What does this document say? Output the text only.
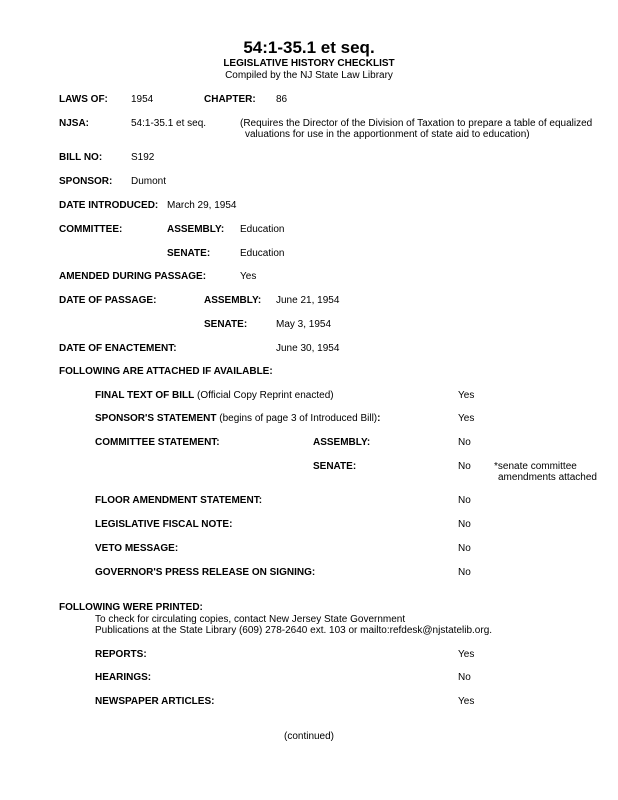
54:1-35.1 et seq.
LEGISLATIVE HISTORY CHECKLIST
Compiled by the NJ State Law Library
LAWS OF: 1954	CHAPTER: 86
NJSA:	54:1-35.1 et seq.	(Requires the Director of the Division of Taxation to prepare a table of equalized
valuations for use in the apportionment of state aid to education)
BILL NO:	S192
SPONSOR: Dumont
DATE INTRODUCED: March 29, 1954
COMMITTEE:	ASSEMBLY: Education
SENATE:	Education
AMENDED DURING PASSAGE:	Yes
DATE OF PASSAGE:	ASSEMBLY: June 21, 1954
SENATE:	May 3, 1954
DATE OF ENACTEMENT:	June 30, 1954
FOLLOWING ARE ATTACHED IF AVAILABLE:
FINAL TEXT OF BILL (Official Copy Reprint enacted)	Yes
SPONSOR'S STATEMENT (begins of page 3 of Introduced Bill):	Yes
COMMITTEE STATEMENT:	ASSEMBLY:	No
SENATE:	No *senate committee
amendments attached
FLOOR AMENDMENT STATEMENT:	No
LEGISLATIVE FISCAL NOTE:	No
VETO MESSAGE:	No
GOVERNOR'S PRESS RELEASE ON SIGNING:	No
FOLLOWING WERE PRINTED:
To check for circulating copies, contact New Jersey State Government
Publications at the State Library (609) 278-2640 ext. 103 or mailto:refdesk@njstatelib.org.
REPORTS:	Yes
HEARINGS:	No
NEWSPAPER ARTICLES:	Yes
(continued)
